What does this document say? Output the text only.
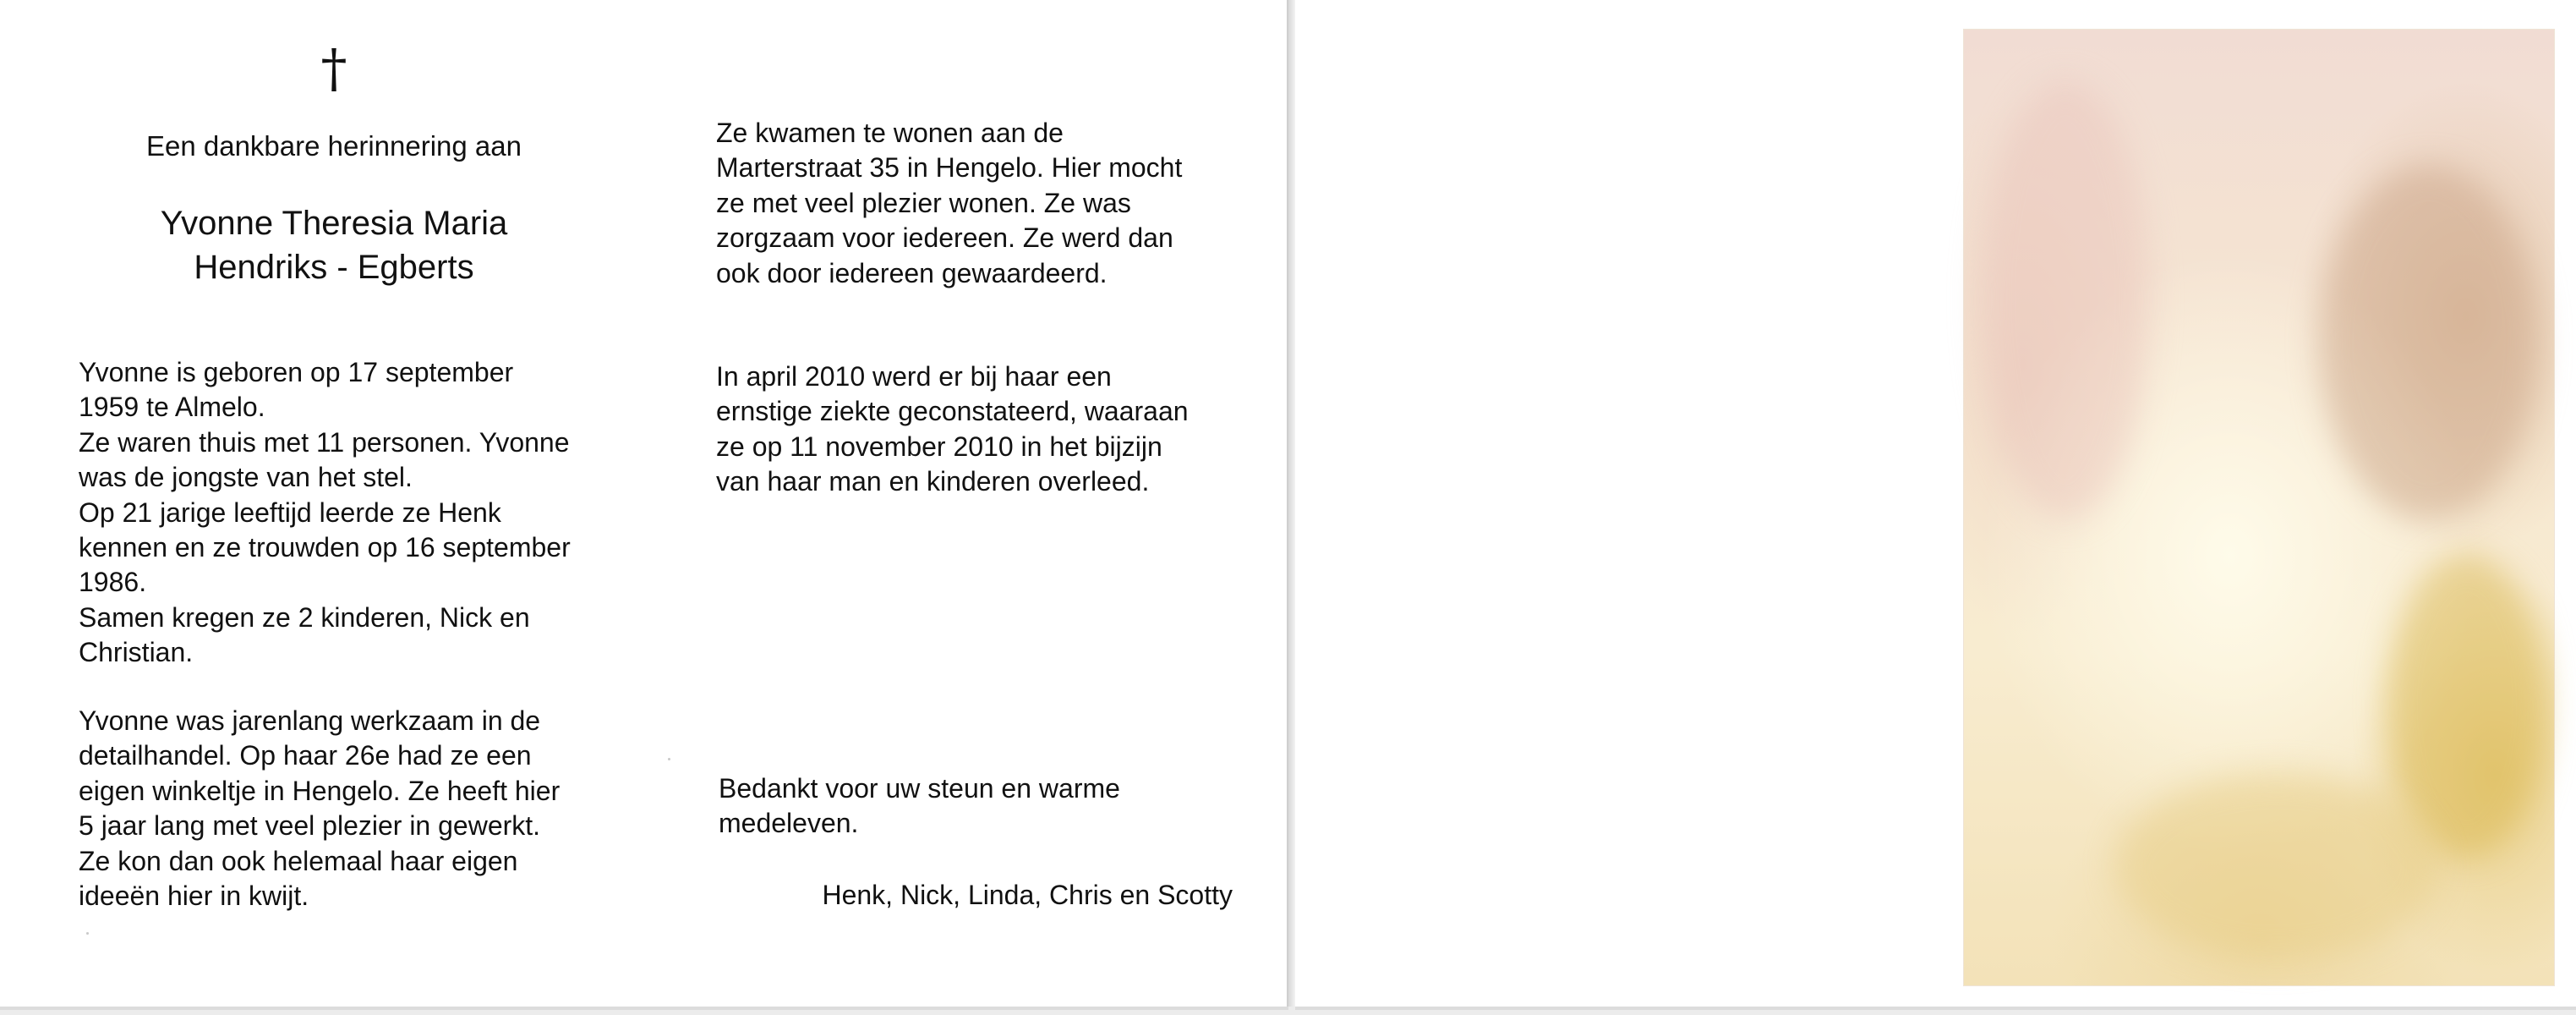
†
Een dankbare herinnering aan
Yvonne Theresia Maria
Hendriks - Egberts
Yvonne is geboren op 17 september
1959 te Almelo.
Ze waren thuis met 11 personen. Yvonne
was de jongste van het stel.
Op 21 jarige leeftijd leerde ze Henk
kennen en ze trouwden op 16 september
1986.
Samen kregen ze 2 kinderen, Nick en
Christian.
Yvonne was jarenlang werkzaam in de
detailhandel. Op haar 26e had ze een
eigen winkeltje in Hengelo. Ze heeft hier
5 jaar lang met veel plezier in gewerkt.
Ze kon dan ook helemaal haar eigen
ideeën hier in kwijt.
Ze kwamen te wonen aan de
Marterstraat 35 in Hengelo. Hier mocht
ze met veel plezier wonen. Ze was
zorgzaam voor iedereen. Ze werd dan
ook door iedereen gewaardeerd.
In april 2010 werd er bij haar een
ernstige ziekte geconstateerd, waaraan
ze op 11 november 2010 in het bijzijn
van haar man en kinderen overleed.
Bedankt voor uw steun en warme
medeleven.
Henk, Nick, Linda, Chris en Scotty
